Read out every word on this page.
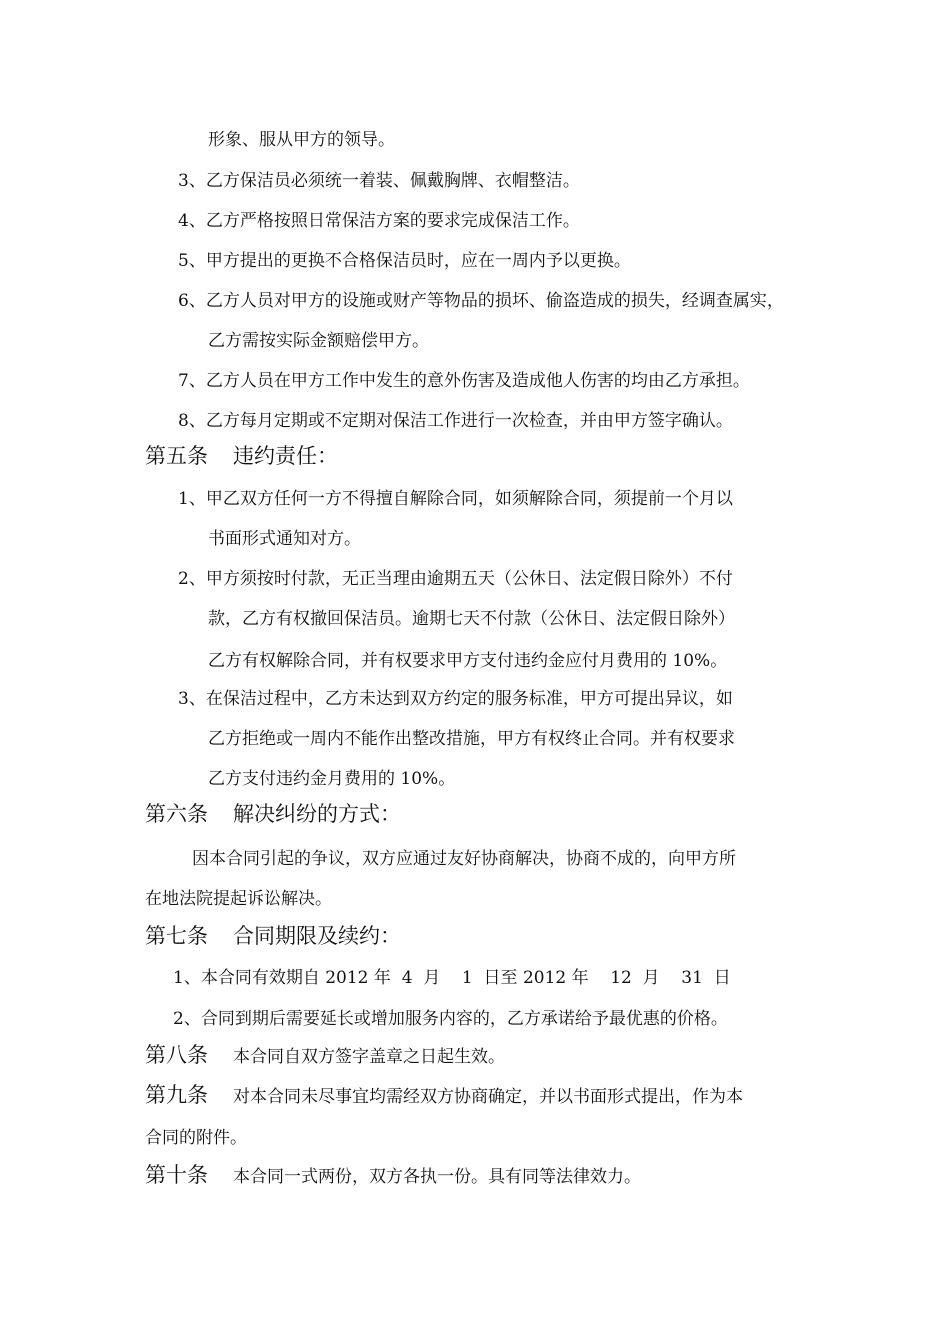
形象、服从甲方的领导。
3、乙方保洁员必须统一着装、佩戴胸牌、衣帽整洁。
4、乙方严格按照日常保洁方案的要求完成保洁工作。
5、甲方提出的更换不合格保洁员时，应在一周内予以更换。
6、乙方人员对甲方的设施或财产等物品的损坏、偷盗造成的损失，经调查属实，
乙方需按实际金额赔偿甲方。
7、乙方人员在甲方工作中发生的意外伤害及造成他人伤害的均由乙方承担。
8、乙方每月定期或不定期对保洁工作进行一次检查，并由甲方签字确认。
第五条 违约责任：
1、甲乙双方任何一方不得擅自解除合同，如须解除合同，须提前一个月以
书面形式通知对方。
2、甲方须按时付款，无正当理由逾期五天（公休日、法定假日除外）不付
款，乙方有权撤回保洁员。逾期七天不付款（公休日、法定假日除外）
乙方有权解除合同，并有权要求甲方支付违约金应付月费用的 10%。
3、在保洁过程中，乙方未达到双方约定的服务标准，甲方可提出异议，如
乙方拒绝或一周内不能作出整改措施，甲方有权终止合同。并有权要求
乙方支付违约金月费用的 10%。
第六条 解决纠纷的方式：
因本合同引起的争议，双方应通过友好协商解决，协商不成的，向甲方所
在地法院提起诉讼解决。
第七条 合同期限及续约：
1、本合同有效期自 2012 年  4  月    1  日至 2012 年    12  月    31  日
2、合同到期后需要延长或增加服务内容的，乙方承诺给予最优惠的价格。
第八条 本合同自双方签字盖章之日起生效。
第九条 对本合同未尽事宜均需经双方协商确定，并以书面形式提出，作为本
合同的附件。
第十条 本合同一式两份，双方各执一份。具有同等法律效力。
